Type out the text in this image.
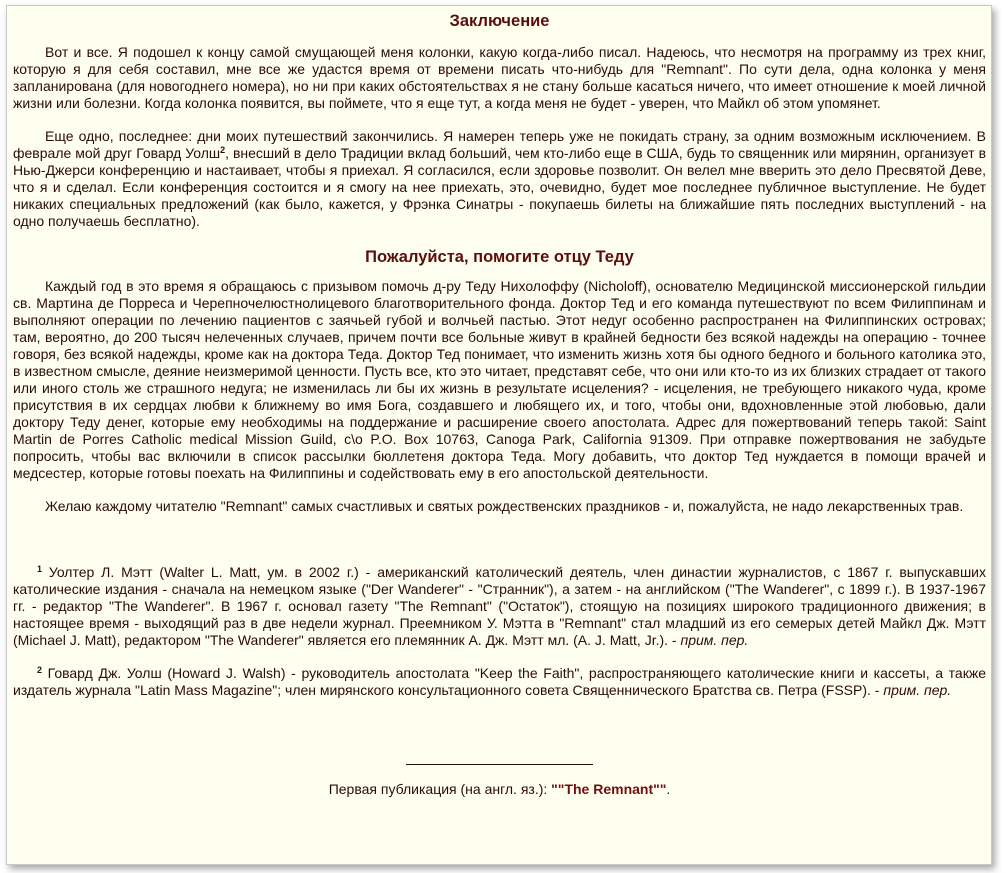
Заключение

Вот и все. Я подошел к концу самой смущающей меня колонки, какую когда-либо писал. Надеюсь, что несмотря на программу из трех книг, которую я для себя составил, мне все же удастся время от времени писать что-нибудь для "Remnant". По сути дела, одна колонка у меня запланирована (для новогоднего номера), но ни при каких обстоятельствах я не стану больше касаться ничего, что имеет отношение к моей личной жизни или болезни. Когда колонка появится, вы поймете, что я еще тут, а когда меня не будет - уверен, что Майкл об этом упомянет.

Еще одно, последнее: дни моих путешествий закончились. Я намерен теперь уже не покидать страну, за одним возможным исключением. В феврале мой друг Говард Уолш$^2$, внесший в дело Традиции вклад больший, чем кто-либо еще в США, будь то священник или мирянин, организует в Нью-Джерси конференцию и настаивает, чтобы я приехал. Я согласился, если здоровье позволит. Он велел мне вверить это дело Пресвятой Деве, что я и сделал. Если конференция состоится и я смогу на нее приехать, это, очевидно, будет мое последнее публичное выступление. Не будет никаких специальных предложений (как было, кажется, у Фрэнка Синатры - покупаешь билеты на ближайшие пять последних выступлений - на одно получаешь бесплатно).

Пожалуйста, помогите отцу Теду

Каждый год в это время я обращаюсь с призывом помочь д-ру Теду Нихолоффу (Nicholoff), основателю Медицинской миссионерской гильдии св. Мартина де Порреса и Черепночелюстнолицевого благотворительного фонда. Доктор Тед и его команда путешествуют по всем Филиппинам и выполняют операции по лечению пациентов с заячьей губой и волчьей пастью. Этот недуг особенно распространен на Филиппинских островах; там, вероятно, до 200 тысяч нелеченных случаев, причем почти все больные живут в крайней бедности без всякой надежды на операцию - точнее говоря, без всякой надежды, кроме как на доктора Теда. Доктор Тед понимает, что изменить жизнь хотя бы одного бедного и больного католика это, в известном смысле, деяние неизмеримой ценности. Пусть все, кто это читает, представят себе, что они или кто-то из их близких страдает от такого или иного столь же страшного недуга; не изменилась ли бы их жизнь в результате исцеления? - исцеления, не требующего никакого чуда, кроме присутствия в их сердцах любви к ближнему во имя Бога, создавшего и любящего их, и того, чтобы они, вдохновленные этой любовью, дали доктору Теду денег, которые ему необходимы на поддержание и расширение своего апостолата. Адрес для пожертвований теперь такой: Saint Martin de Porres Catholic medical Mission Guild, c\o P.O. Box 10763, Canoga Park, California 91309. При отправке пожертвования не забудьте попросить, чтобы вас включили в список рассылки бюллетеня доктора Теда. Могу добавить, что доктор Тед нуждается в помощи врачей и медсестер, которые готовы поехать на Филиппины и содействовать ему в его апостольской деятельности.

Желаю каждому читателю "Remnant" самых счастливых и святых рождественских праздников - и, пожалуйста, не надо лекарственных трав.

$^1$ Уолтер Л. Мэтт (Walter L. Matt, ум. в 2002 г.) - американский католический деятель, член династии журналистов, с 1867 г. выпускавших католические издания - сначала на немецком языке ("Der Wanderer" - "Странник"), а затем - на английском ("The Wanderer", с 1899 г.). В 1937-1967 гг. - редактор "The Wanderer". В 1967 г. основал газету "The Remnant" ("Остаток"), стоящую на позициях широкого традиционного движения; в настоящее время - выходящий раз в две недели журнал. Преемником У. Мэтта в "Remnant" стал младший из его семерых детей Майкл Дж. Мэтт (Michael J. Matt), редактором "The Wanderer" является его племянник А. Дж. Мэтт мл. (A. J. Matt, Jr.). - прим. пер.

$^2$ Говард Дж. Уолш (Howard J. Walsh) - руководитель апостолата "Keep the Faith", распространяющего католические книги и кассеты, а также издатель журнала "Latin Mass Magazine"; член мирянского консультационного совета Священнического Братства св. Петра (FSSP). - прим. пер.

Первая публикация (на англ. яз.): ""The Remnant"".
